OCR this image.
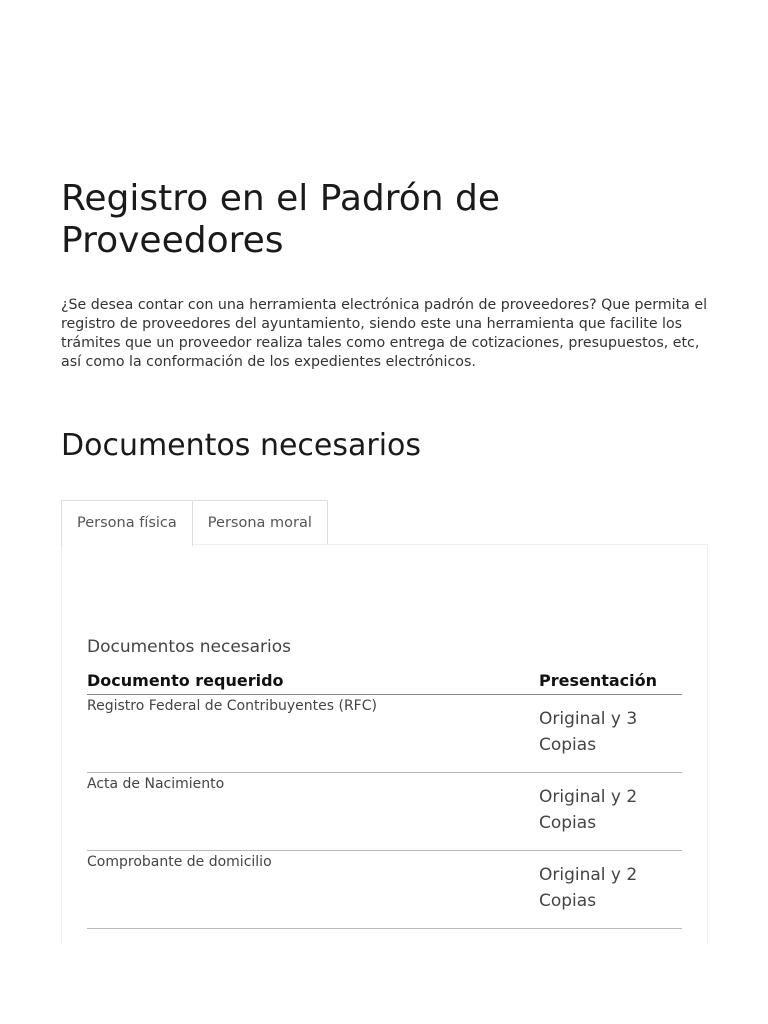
Registro en el Padrón de Proveedores

¿Se desea contar con una herramienta electrónica padrón de proveedores? Que permita el registro de proveedores del ayuntamiento, siendo este una herramienta que facilite los trámites que un proveedor realiza tales como entrega de cotizaciones, presupuestos, etc, así como la conformación de los expedientes electrónicos.

Documentos necesarios
Persona física	Persona moral
Documentos necesarios
Documento requerido	Presentación
Registro Federal de Contribuyentes (RFC)
Original y 3 Copias
Acta de Nacimiento
Original y 2 Copias
Comprobante de domicilio
Original y 2 Copias
